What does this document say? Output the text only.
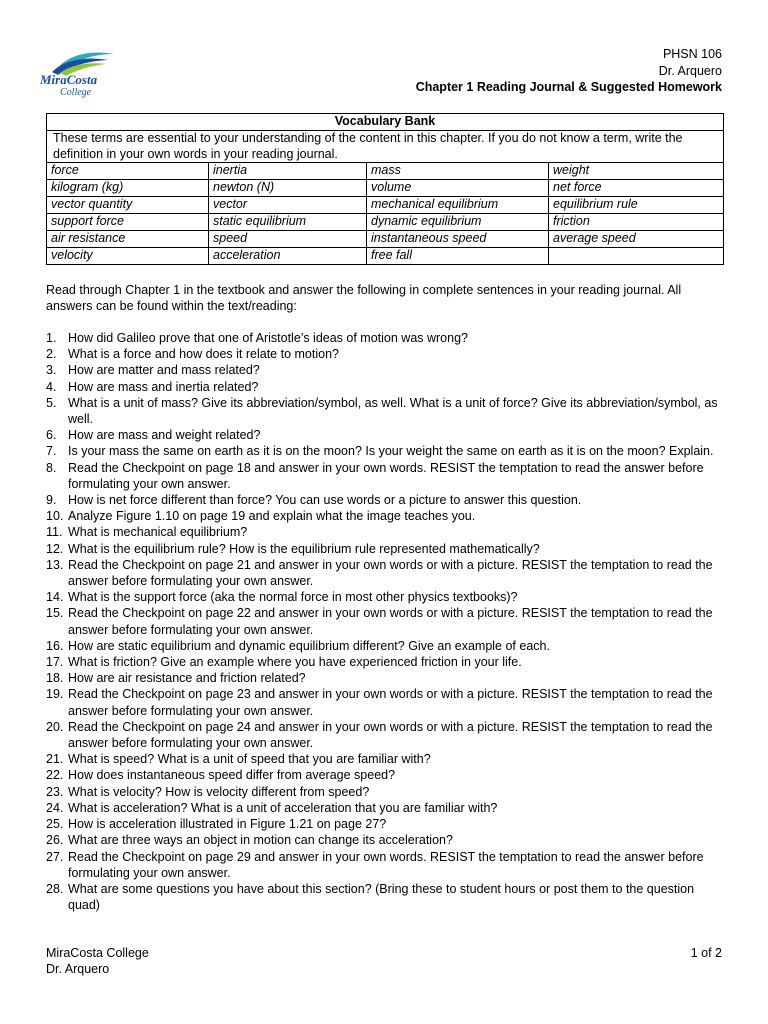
MiraCosta
College
PHSN 106
Dr. Arquero
Chapter 1 Reading Journal & Suggested Homework
Vocabulary Bank			
These terms are essential to your understanding of the content in this chapter. If you do not know a term, write the definition in your own words in your reading journal.			
force	inertia	mass	weight
kilogram (kg)	newton (N)	volume	net force
vector quantity	vector	mechanical equilibrium	equilibrium rule
support force	static equilibrium	dynamic equilibrium	friction
air resistance	speed	instantaneous speed	average speed
velocity	acceleration	free fall	
Read through Chapter 1 in the textbook and answer the following in complete sentences in your reading journal. All answers can be found within the text/reading:
1. How did Galileo prove that one of Aristotle’s ideas of motion was wrong?
2. What is a force and how does it relate to motion?
3. How are matter and mass related?
4. How are mass and inertia related?
5. What is a unit of mass? Give its abbreviation/symbol, as well. What is a unit of force? Give its abbreviation/symbol, as well.
6. How are mass and weight related?
7. Is your mass the same on earth as it is on the moon? Is your weight the same on earth as it is on the moon? Explain.
8. Read the Checkpoint on page 18 and answer in your own words. RESIST the temptation to read the answer before formulating your own answer.
9. How is net force different than force? You can use words or a picture to answer this question.
10. Analyze Figure 1.10 on page 19 and explain what the image teaches you.
11. What is mechanical equilibrium?
12. What is the equilibrium rule? How is the equilibrium rule represented mathematically?
13. Read the Checkpoint on page 21 and answer in your own words or with a picture. RESIST the temptation to read the answer before formulating your own answer.
14. What is the support force (aka the normal force in most other physics textbooks)?
15. Read the Checkpoint on page 22 and answer in your own words or with a picture. RESIST the temptation to read the answer before formulating your own answer.
16. How are static equilibrium and dynamic equilibrium different? Give an example of each.
17. What is friction? Give an example where you have experienced friction in your life.
18. How are air resistance and friction related?
19. Read the Checkpoint on page 23 and answer in your own words or with a picture. RESIST the temptation to read the answer before formulating your own answer.
20. Read the Checkpoint on page 24 and answer in your own words or with a picture. RESIST the temptation to read the answer before formulating your own answer.
21. What is speed? What is a unit of speed that you are familiar with?
22. How does instantaneous speed differ from average speed?
23. What is velocity? How is velocity different from speed?
24. What is acceleration? What is a unit of acceleration that you are familiar with?
25. How is acceleration illustrated in Figure 1.21 on page 27?
26. What are three ways an object in motion can change its acceleration?
27. Read the Checkpoint on page 29 and answer in your own words. RESIST the temptation to read the answer before formulating your own answer.
28. What are some questions you have about this section? (Bring these to student hours or post them to the question quad)
MiraCosta College
Dr. Arquero
1 of 2
